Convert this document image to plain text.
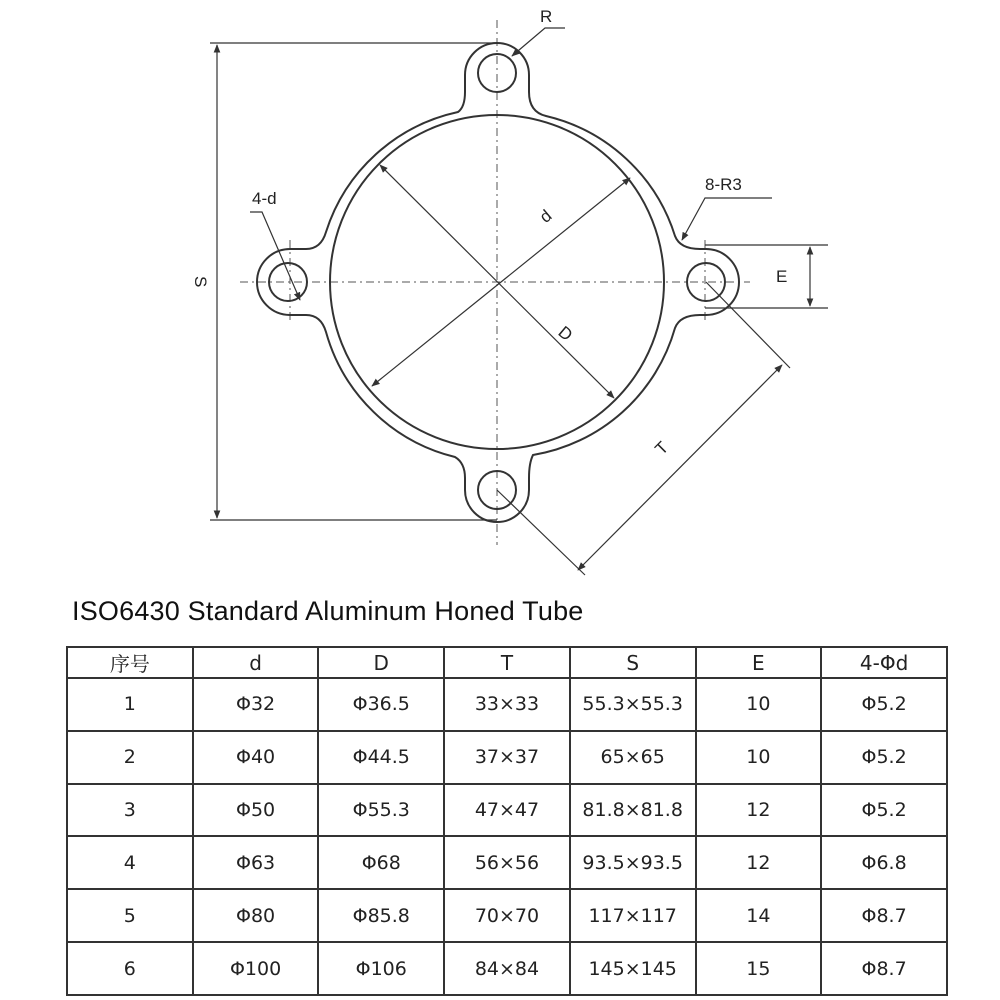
d
D
S	E
T
R
8-R3
4-d
ISO6430 Standard Aluminum Honed Tube
序号	d	D	T	S	E	4-Φd
1	Φ32	Φ36.5	33×33	55.3×55.3	10	Φ5.2
2	Φ40	Φ44.5	37×37	65×65	10	Φ5.2
3	Φ50	Φ55.3	47×47	81.8×81.8	12	Φ5.2
4	Φ63	Φ68	56×56	93.5×93.5	12	Φ6.8
5	Φ80	Φ85.8	70×70	117×117	14	Φ8.7
6	Φ100	Φ106	84×84	145×145	15	Φ8.7
